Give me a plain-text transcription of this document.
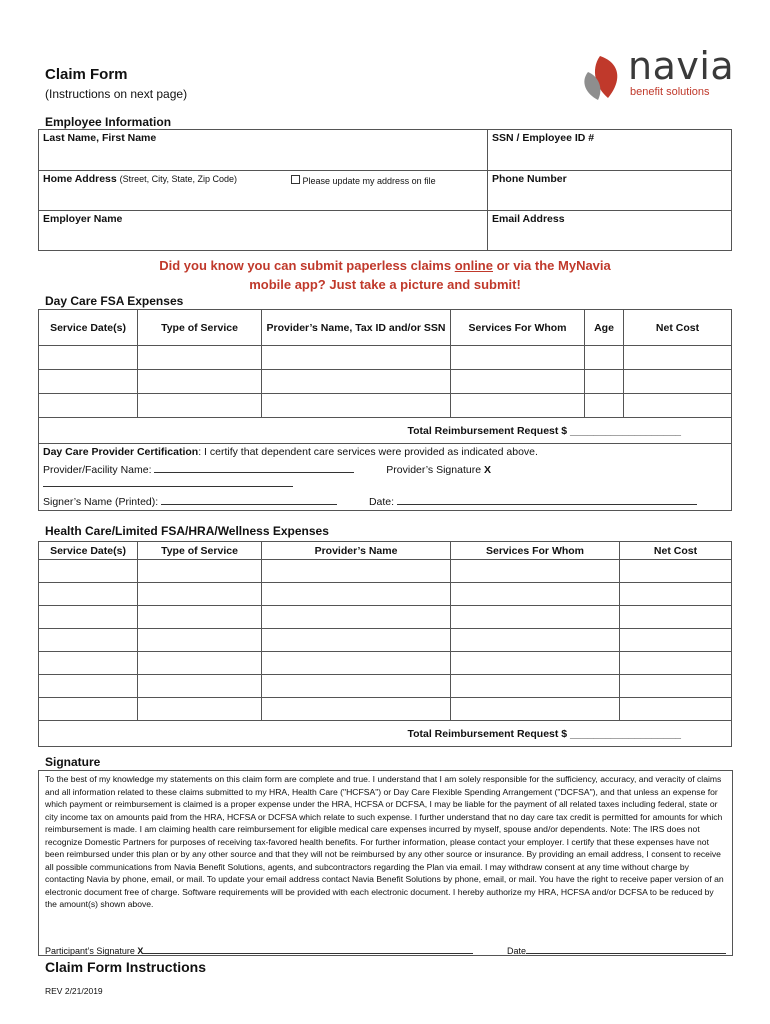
Claim Form
(Instructions on next page)
navia
benefit solutions
Employee Information
Last Name, First Name	SSN / Employee ID #
Home Address (Street, City, State, Zip Code) Please update my address on file	Phone Number
Employer Name	Email Address
Did you know you can submit paperless claims online or via the MyNavia
mobile app? Just take a picture and submit!
Day Care FSA Expenses
Service Date(s)	Type of Service	Provider’s Name, Tax ID and/or SSN	Services For Whom	Age	Net Cost

Total Reimbursement Request $ ___________________					

Day Care Provider Certification: I certify that dependent care services were provided as indicated above.
Provider/Facility Name: Provider’s Signature X
Signer’s Name (Printed): Date:					
Health Care/Limited FSA/HRA/Wellness Expenses
Service Date(s)	Type of Service	Provider’s Name	Services For Whom	Net Cost

Total Reimbursement Request $ ___________________				
Signature
To the best of my knowledge my statements on this claim form are complete and true. I understand that I am solely responsible for the sufficiency, accuracy, and veracity of claims and all information related to these claims submitted to my HRA, Health Care ("HCFSA") or Day Care Flexible Spending Arrangement ("DCFSA"), and that unless an expense for which payment or reimbursement is claimed is a proper expense under the HRA, HCFSA or DCFSA, I may be liable for the payment of all related taxes including federal, state or city income tax on amounts paid from the HRA, HCFSA or DCFSA which relate to such expense. I further understand that no day care tax credit is permitted for amounts for which reimbursement is made. I am claiming health care reimbursement for eligible medical care expenses incurred by myself, spouse and/or dependents. Note: The IRS does not recognize Domestic Partners for purposes of receiving tax-favored health benefits. For further information, please contact your employer. I certify that these expenses have not been reimbursed under this plan or by any other source and that they will not be reimbursed by any other source or insurance. By providing an email address, I consent to receive all possible communications from Navia Benefit Solutions, agents, and subcontractors regarding the Plan via email. I may withdraw consent at any time without charge by contacting Navia by phone, email, or mail. To update your email address contact Navia Benefit Solutions by phone, email, or mail. You have the right to receive paper version of an electronic document free of charge. Software requirements will be provided with each electronic document. I hereby authorize my HRA, HCFSA and/or DCFSA to be reduced by the amount(s) shown above.
Participant’s Signature X	Date
Claim Form Instructions
REV 2/21/2019
